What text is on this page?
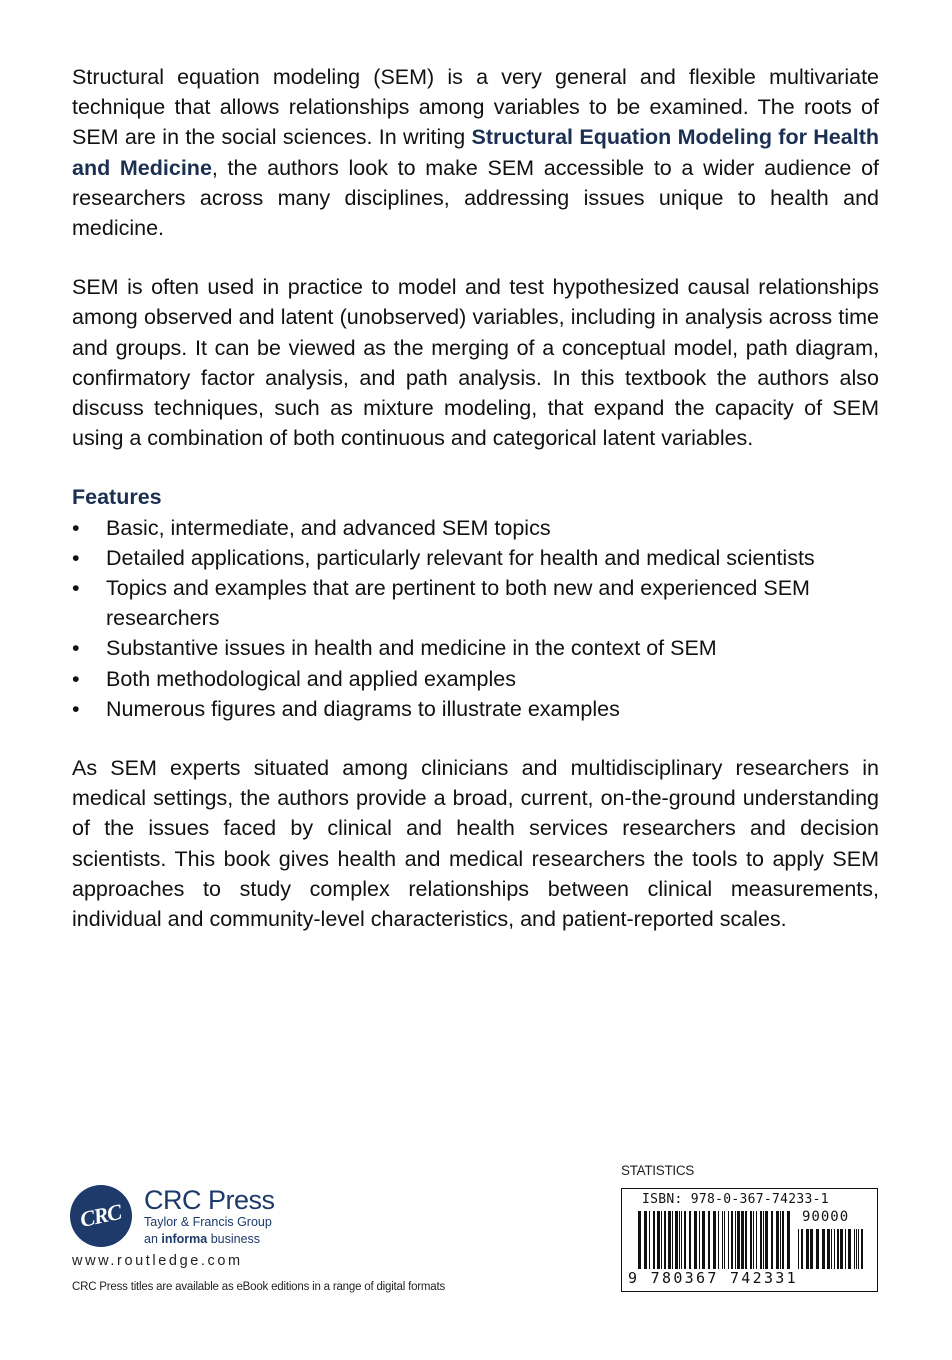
Structural equation modeling (SEM) is a very general and flexible multivariate technique that allows relationships among variables to be examined. The roots of SEM are in the social sciences. In writing Structural Equation Modeling for Health and Medicine, the authors look to make SEM accessible to a wider audience of researchers across many disciplines, addressing issues unique to health and medicine.

SEM is often used in practice to model and test hypothesized causal relationships among observed and latent (unobserved) variables, including in analysis across time and groups. It can be viewed as the merging of a conceptual model, path diagram, confirmatory factor analysis, and path analysis. In this textbook the authors also discuss techniques, such as mixture modeling, that expand the capacity of SEM using a combination of both continuous and categorical latent variables.

Features
• Basic, intermediate, and advanced SEM topics
• Detailed applications, particularly relevant for health and medical scientists
• Topics and examples that are pertinent to both new and experienced SEM researchers
• Substantive issues in health and medicine in the context of SEM
• Both methodological and applied examples
• Numerous figures and diagrams to illustrate examples

As SEM experts situated among clinicians and multidisciplinary researchers in medical settings, the authors provide a broad, current, on-the-ground understanding of the issues faced by clinical and health services researchers and decision scientists. This book gives health and medical researchers the tools to apply SEM approaches to study complex relationships between clinical measurements, individual and community-level characteristics, and patient-reported scales.

CRC CRC Press
Taylor & Francis Group
an informa business
www.routledge.com
CRC Press titles are available as eBook editions in a range of digital formats
STATISTICS
ISBN: 978-0-367-74233-1
90000
9 780367 742331
